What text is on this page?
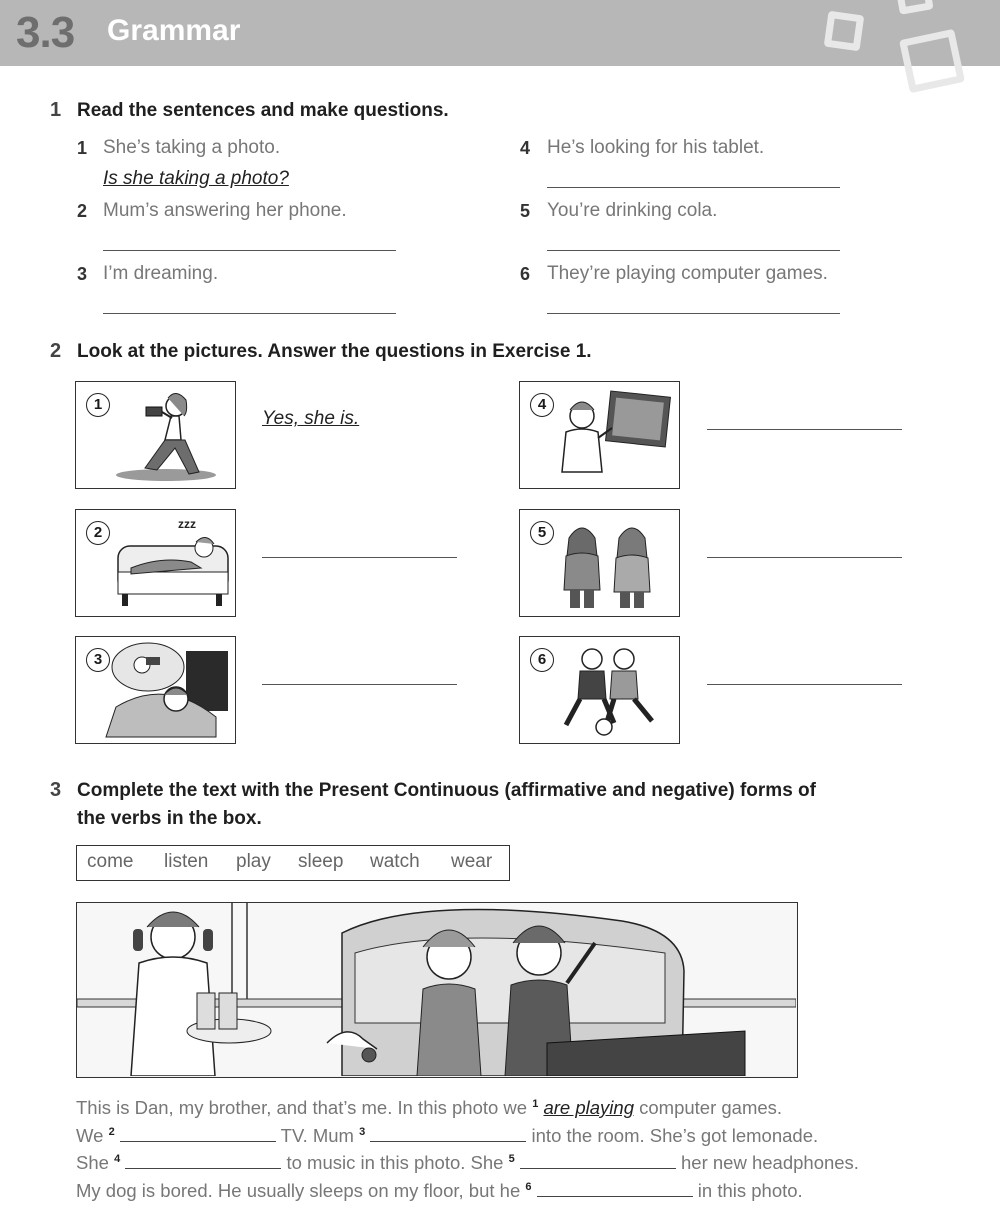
3.3 Grammar
1 Read the sentences and make questions.
1 She’s taking a photo.
Is she taking a photo?
2 Mum’s answering her phone.
3 I’m dreaming.
4 He’s looking for his tablet.
5 You’re drinking cola.
6 They’re playing computer games.
2 Look at the pictures. Answer the questions in Exercise 1.
1
Yes, she is.
zzz
2
3
4
5
6
3 Complete the text with the Present Continuous (affirmative and negative) forms of
the verbs in the box.
come listen play sleep watch wear
This is Dan, my brother, and that’s me. In this photo we $^1$ are playing computer games.
We $^2$	TV. Mum $^3$	into the room. She’s got lemonade.
She $^4$	to music in this photo. She $^5$	her new headphones.
My dog is bored. He usually sleeps on my floor, but he $^6$	in this photo.
